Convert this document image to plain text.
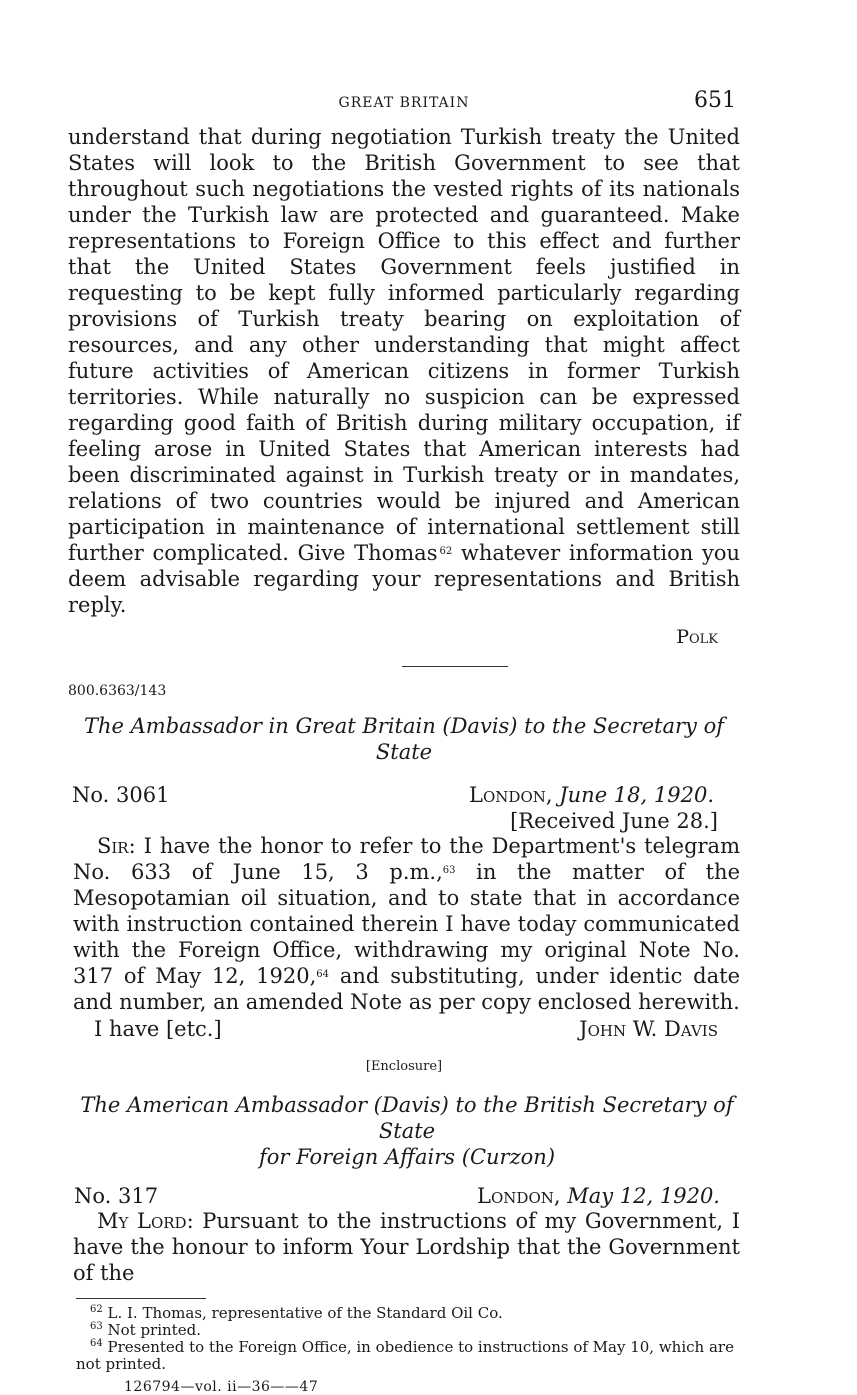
GREAT BRITAIN	651

understand that during negotiation Turkish treaty the United States will look to the British Government to see that throughout such negotiations the vested rights of its nationals under the Turkish law are protected and guaranteed. Make representations to Foreign Office to this effect and further that the United States Government feels justified in requesting to be kept fully informed particularly regarding provisions of Turkish treaty bearing on exploitation of resources, and any other understanding that might affect future activities of American citizens in former Turkish territories. While naturally no suspicion can be expressed regarding good faith of British during military occupation, if feeling arose in United States that American interests had been discriminated against in Turkish treaty or in mandates, relations of two countries would be injured and American participation in maintenance of international settlement still further complicated. Give Thomas  $^{62}$ whatever information you deem advisable regarding your representations and British reply.

Polk
800.6363/143
The Ambassador in Great Britain (Davis) to the Secretary of State
No. 3061	London, June 18, 1920.
[Received June 28.]

Sir: I have the honor to refer to the Department's telegram No. 633 of June 15, 3 p.m.,$^{63}$ in the matter of the Mesopotamian oil situation, and to state that in accordance with instruction contained therein I have today communicated with the Foreign Office, withdrawing my original Note No. 317 of May 12, 1920,64 and substituting, under identic date and number, an amended Note as per copy enclosed herewith.

I have [etc.]	John W. Davis
[Enclosure]
The American Ambassador (Davis) to the British Secretary of State
for Foreign Affairs (Curzon)
No. 317	London, May 12, 1920.

My Lord: Pursuant to the instructions of my Government, I have the honour to inform Your Lordship that the Government of the

$^{62}$ L. I. Thomas, representative of the Standard Oil Co.
$^{63}$ Not printed.
$^{64}$ Presented to the Foreign Office, in obedience to instructions of May 10, which are not printed.
126794—vol. ii—36——47
